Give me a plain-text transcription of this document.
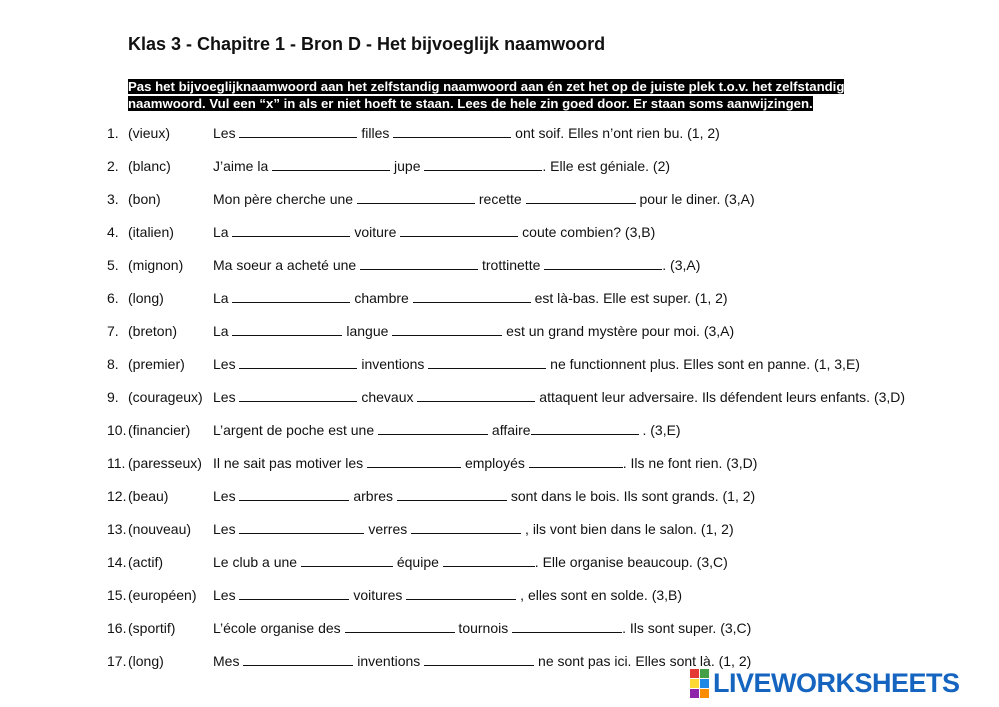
Klas 3 - Chapitre 1 - Bron D - Het bijvoeglijk naamwoord
Pas het bijvoeglijknaamwoord aan het zelfstandig naamwoord aan én zet het op de juiste plek t.o.v. het zelfstandig naamwoord. Vul een “x” in als er niet hoeft te staan. Lees de hele zin goed door. Er staan soms aanwijzingen.
1. (vieux)	Les	filles	ont soif. Elles n’ont rien bu. (1, 2)
2. (blanc)	J’aime la	jupe	. Elle est géniale. (2)
3. (bon)	Mon père cherche une	recette	pour le diner. (3,A)
4. (italien)	La	voiture	coute combien? (3,B)
5. (mignon) Ma soeur a acheté une	trottinette	. (3,A)
6. (long)	La	chambre	est là-bas. Elle est super. (1, 2)
7. (breton)	La	langue	est un grand mystère pour moi. (3,A)
8. (premier) Les	inventions	ne functionnent plus. Elles sont en panne. (1, 3,E)
9. (courageux) Les	chevaux	attaquent leur adversaire. Ils défendent leurs enfants. (3,D)
10. (financier) L’argent de poche est une	affaire	. (3,E)
11. (paresseux) Il ne sait pas motiver les	employés	. Ils ne font rien. (3,D)
12. (beau)	Les	arbres	sont dans le bois. Ils sont grands. (1, 2)
13. (nouveau) Les	verres	, ils vont bien dans le salon. (1, 2)
14. (actif)	Le club a une	équipe	. Elle organise beaucoup. (3,C)
15. (européen) Les	voitures	, elles sont en solde. (3,B)
16. (sportif)	L’école organise des	tournois	. Ils sont super. (3,C)
17. (long)	Mes	inventions	ne sont pas ici. Elles sont là. (1, 2)
LIVEWORKSHEETS
